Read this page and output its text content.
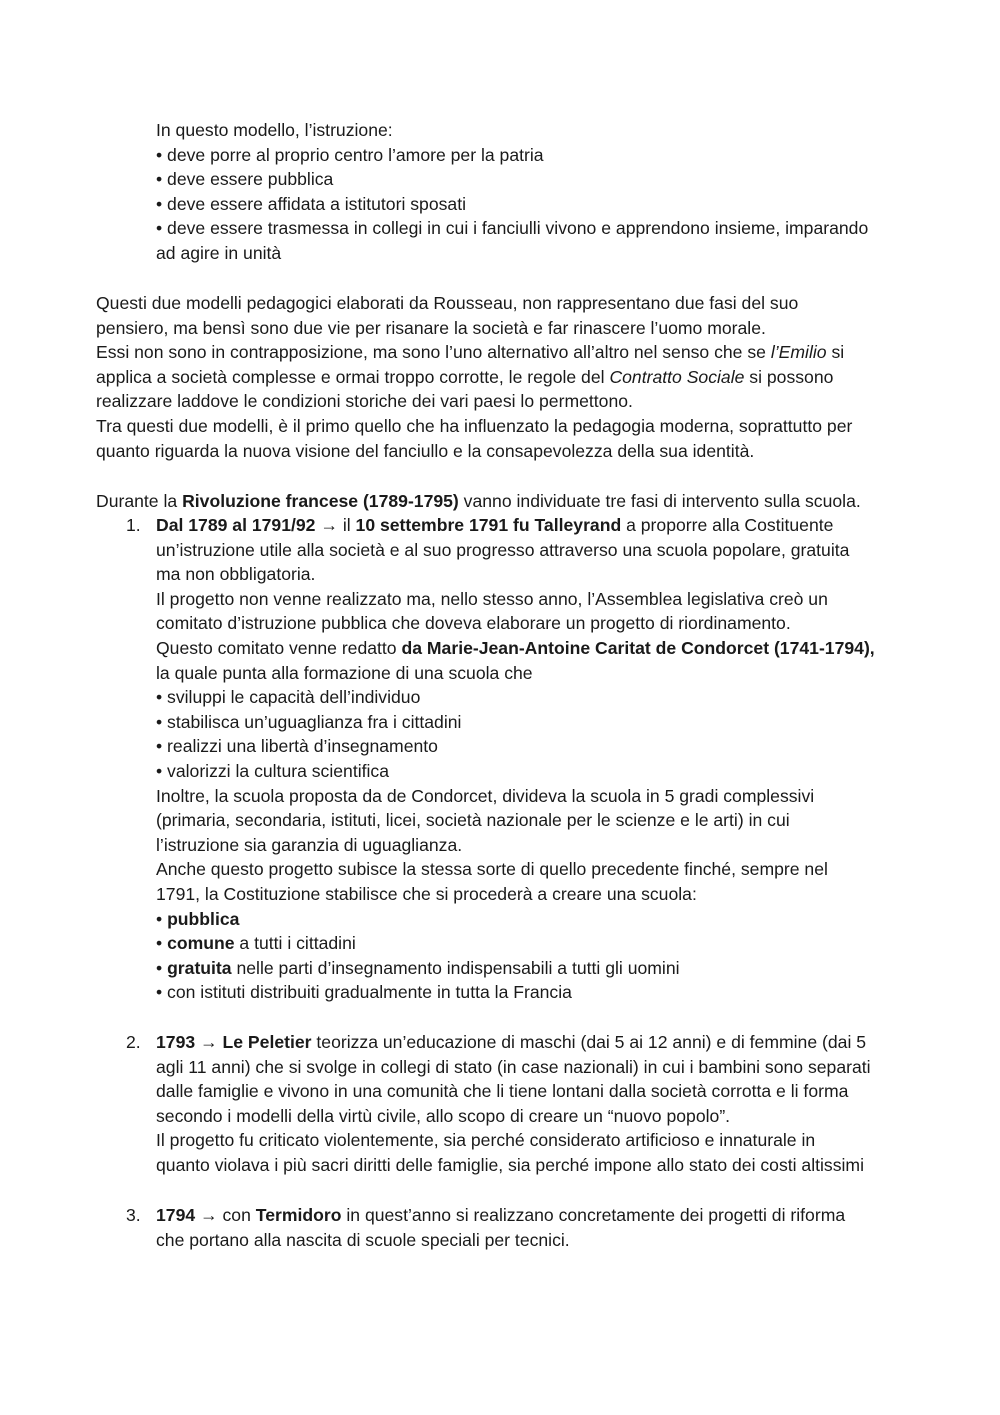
In questo modello, l’istruzione:
• deve porre al proprio centro l’amore per la patria
• deve essere pubblica
• deve essere affidata a istitutori sposati
• deve essere trasmessa in collegi in cui i fanciulli vivono e apprendono insieme, imparando
ad agire in unità
Questi due modelli pedagogici elaborati da Rousseau, non rappresentano due fasi del suo
pensiero, ma bensì sono due vie per risanare la società e far rinascere l’uomo morale.
Essi non sono in contrapposizione, ma sono l’uno alternativo all’altro nel senso che se l’Emilio si
applica a società complesse e ormai troppo corrotte, le regole del Contratto Sociale si possono
realizzare laddove le condizioni storiche dei vari paesi lo permettono.
Tra questi due modelli, è il primo quello che ha influenzato la pedagogia moderna, soprattutto per
quanto riguarda la nuova visione del fanciullo e la consapevolezza della sua identità.
Durante la Rivoluzione francese (1789-1795) vanno individuate tre fasi di intervento sulla scuola.
1. Dal 1789 al 1791/92 → il 10 settembre 1791 fu Talleyrand a proporre alla Costituente
un’istruzione utile alla società e al suo progresso attraverso una scuola popolare, gratuita
ma non obbligatoria.
Il progetto non venne realizzato ma, nello stesso anno, l’Assemblea legislativa creò un
comitato d’istruzione pubblica che doveva elaborare un progetto di riordinamento.
Questo comitato venne redatto da Marie-Jean-Antoine Caritat de Condorcet (1741-1794),
la quale punta alla formazione di una scuola che
• sviluppi le capacità dell’individuo
• stabilisca un’uguaglianza fra i cittadini
• realizzi una libertà d’insegnamento
• valorizzi la cultura scientifica
Inoltre, la scuola proposta da de Condorcet, divideva la scuola in 5 gradi complessivi
(primaria, secondaria, istituti, licei, società nazionale per le scienze e le arti) in cui
l’istruzione sia garanzia di uguaglianza.
Anche questo progetto subisce la stessa sorte di quello precedente finché, sempre nel
1791, la Costituzione stabilisce che si procederà a creare una scuola:
• pubblica
• comune a tutti i cittadini
• gratuita nelle parti d’insegnamento indispensabili a tutti gli uomini
• con istituti distribuiti gradualmente in tutta la Francia
2. 1793 → Le Peletier teorizza un’educazione di maschi (dai 5 ai 12 anni) e di femmine (dai 5
agli 11 anni) che si svolge in collegi di stato (in case nazionali) in cui i bambini sono separati
dalle famiglie e vivono in una comunità che li tiene lontani dalla società corrotta e li forma
secondo i modelli della virtù civile, allo scopo di creare un “nuovo popolo”.
Il progetto fu criticato violentemente, sia perché considerato artificioso e innaturale in
quanto violava i più sacri diritti delle famiglie, sia perché impone allo stato dei costi altissimi
3. 1794 → con Termidoro in quest’anno si realizzano concretamente dei progetti di riforma
che portano alla nascita di scuole speciali per tecnici.
